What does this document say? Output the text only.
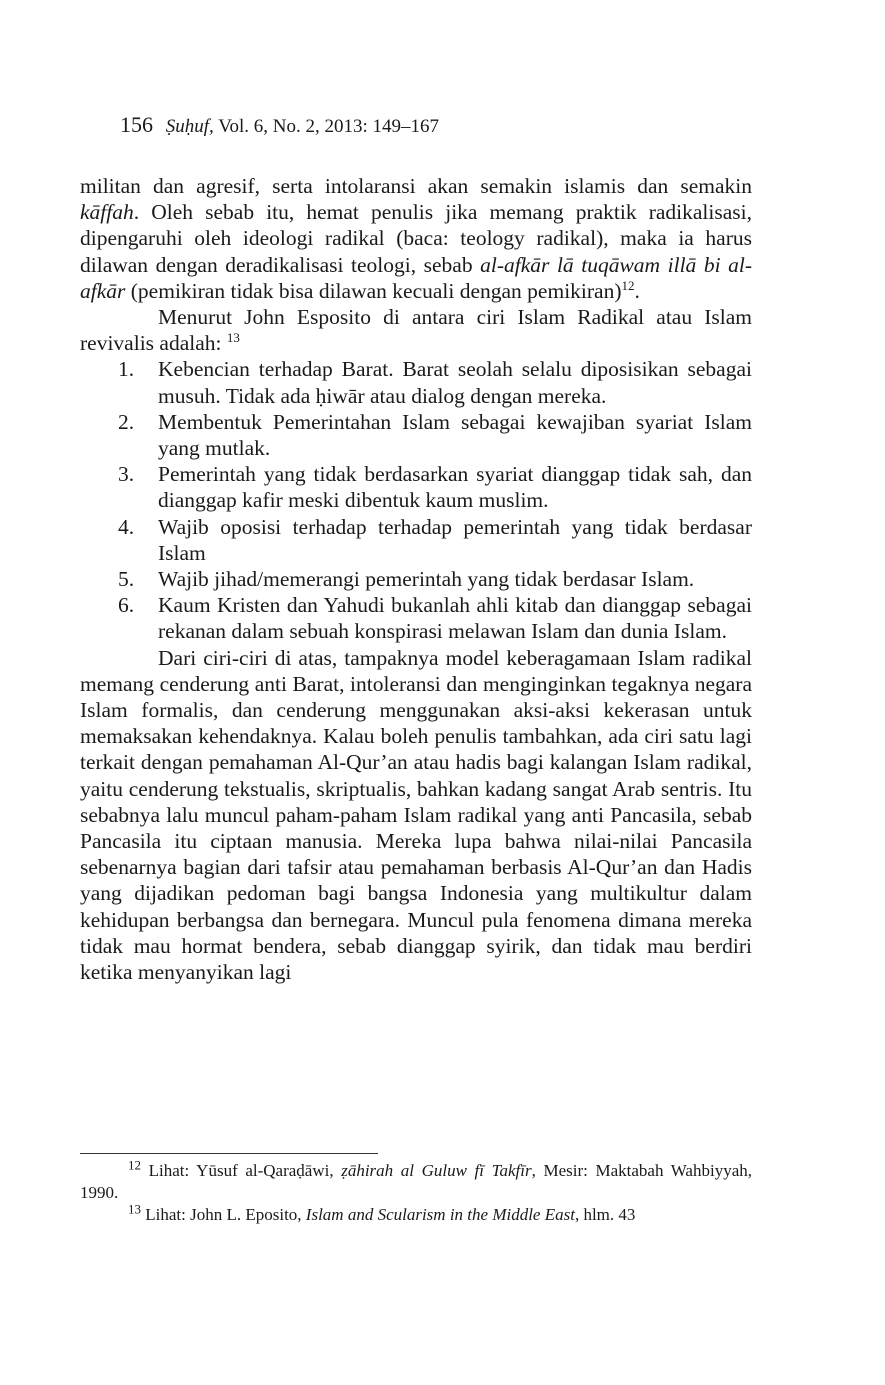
156 Ṣuḥuf, Vol. 6, No. 2, 2013: 149–167

militan dan agresif, serta intolaransi akan semakin islamis dan semakin kāffah. Oleh sebab itu, hemat penulis jika memang praktik radikalisasi, dipengaruhi oleh ideologi radikal (baca: teology radikal), maka ia harus dilawan dengan deradikalisasi teologi, sebab al-afkār lā tuqāwam illā bi al-afkār (pemikiran tidak bisa dilawan kecuali dengan pemikiran)$^{12}$.

Menurut John Esposito di antara ciri Islam Radikal atau Islam revivalis adalah: $^{13}$

1. Kebencian terhadap Barat. Barat seolah selalu diposisikan sebagai musuh. Tidak ada ḥiwār atau dialog dengan mereka.
2. Membentuk Pemerintahan Islam sebagai kewajiban syariat Islam yang mutlak.
3. Pemerintah yang tidak berdasarkan syariat dianggap tidak sah, dan dianggap kafir meski dibentuk kaum muslim.
4. Wajib oposisi terhadap terhadap pemerintah yang tidak berdasar Islam
5. Wajib jihad/memerangi pemerintah yang tidak berdasar Islam.
6. Kaum Kristen dan Yahudi bukanlah ahli kitab dan dianggap sebagai rekanan dalam sebuah konspirasi melawan Islam dan dunia Islam.

Dari ciri-ciri di atas, tampaknya model keberagamaan Islam radikal memang cenderung anti Barat, intoleransi dan menginginkan tegaknya negara Islam formalis, dan cenderung menggunakan aksi-aksi kekerasan untuk memaksakan kehendaknya. Kalau boleh penulis tambahkan, ada ciri satu lagi terkait dengan pemahaman Al-Qur’an atau hadis bagi kalangan Islam radikal, yaitu cenderung tekstualis, skriptualis, bahkan kadang sangat Arab sentris. Itu sebabnya lalu muncul paham-paham Islam radikal yang anti Pancasila, sebab Pancasila itu ciptaan manusia. Mereka lupa bahwa nilai-nilai Pancasila sebenarnya bagian dari tafsir atau pemahaman berbasis Al-Qur’an dan Hadis yang dijadikan pedoman bagi bangsa Indonesia yang multikultur dalam kehidupan berbangsa dan bernegara. Muncul pula fenomena dimana mereka tidak mau hormat bendera, sebab dianggap syirik, dan tidak mau berdiri ketika menyanyikan lagi

$^{12}$ Lihat: Yūsuf al-Qaraḍāwi, ẓāhirah al Guluw fī Takfīr, Mesir: Maktabah Wahbiyyah, 1990.

$^{13}$ Lihat: John L. Eposito, Islam and Scularism in the Middle East, hlm. 43
